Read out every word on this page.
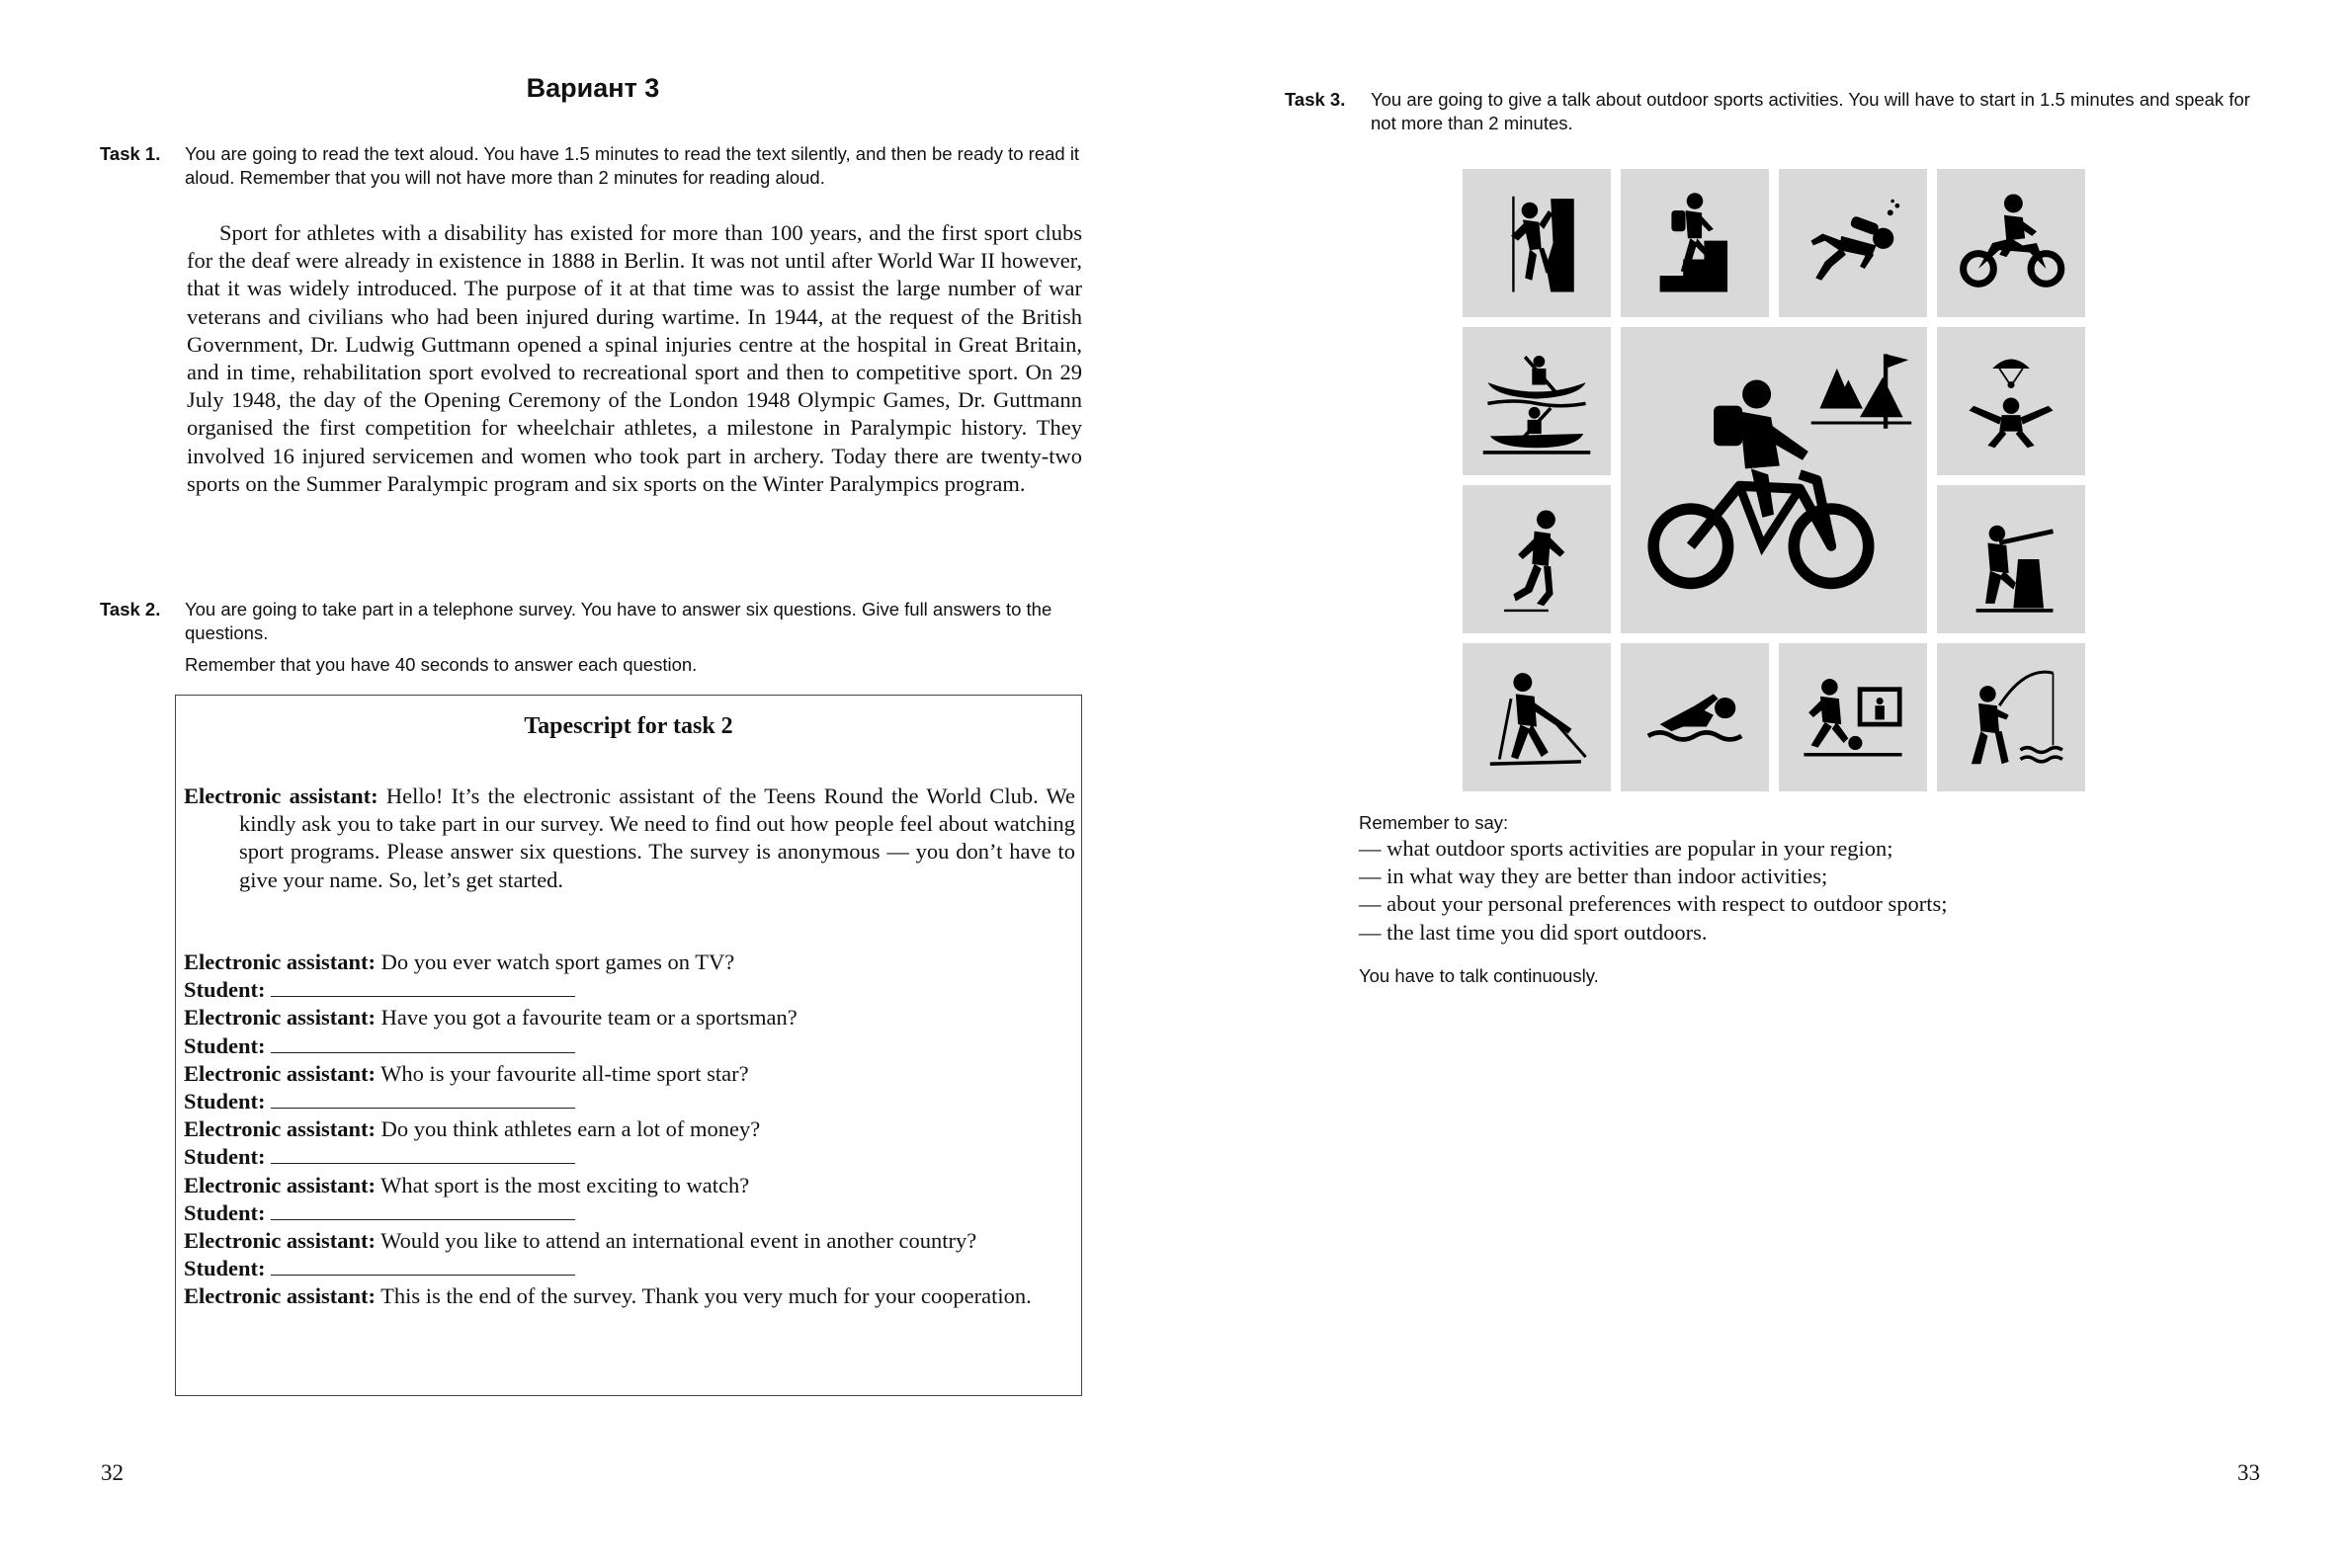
Вариант 3
Task 1. You are going to read the text aloud. You have 1.5 minutes to read the text silently, and then be ready to read it aloud. Remember that you will not have more than 2 minutes for reading aloud.
Sport for athletes with a disability has existed for more than 100 years, and the first sport clubs for the deaf were already in existence in 1888 in Berlin. It was not until after World War II however, that it was widely introduced. The purpose of it at that time was to assist the large number of war veterans and civilians who had been injured during wartime. In 1944, at the request of the British Government, Dr. Ludwig Guttmann opened a spinal injuries centre at the hospital in Great Britain, and in time, rehabilitation sport evolved to recreational sport and then to competitive sport. On 29 July 1948, the day of the Opening Ceremony of the London 1948 Olympic Games, Dr. Guttmann organised the first competition for wheelchair athletes, a milestone in Paralympic history. They involved 16 injured servicemen and women who took part in archery. Today there are twenty-two sports on the Summer Paralympic program and six sports on the Winter Paralympics program.
Task 2. You are going to take part in a telephone survey. You have to answer six questions. Give full answers to the questions.
Remember that you have 40 seconds to answer each question.
Tapescript for task 2
Electronic assistant: Hello! It’s the electronic assistant of the Teens Round the World Club. We kindly ask you to take part in our survey. We need to find out how people feel about watching sport programs. Please answer six questions. The survey is anonymous — you don’t have to give your name. So, let’s get started.
Electronic assistant: Do you ever watch sport games on TV?
Student:
Electronic assistant: Have you got a favourite team or a sportsman?
Student:
Electronic assistant: Who is your favourite all-time sport star?
Student:
Electronic assistant: Do you think athletes earn a lot of money?
Student:
Electronic assistant: What sport is the most exciting to watch?
Student:
Electronic assistant: Would you like to attend an international event in another country?
Student:
Electronic assistant: This is the end of the survey. Thank you very much for your cooperation.
32
Task 3. You are going to give a talk about outdoor sports activities. You will have to start in 1.5 minutes and speak for not more than 2 minutes.
Remember to say:
— what outdoor sports activities are popular in your region;
— in what way they are better than indoor activities;
— about your personal preferences with respect to outdoor sports;
— the last time you did sport outdoors.
You have to talk continuously.
33
